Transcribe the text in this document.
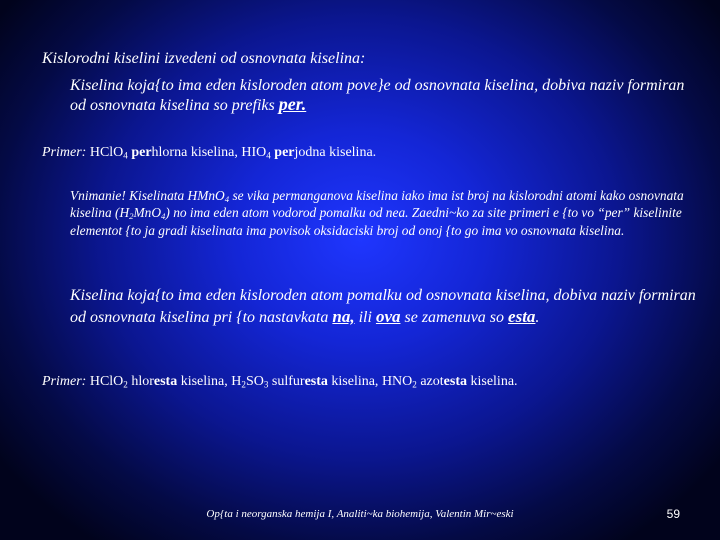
Kislorodni kiselini izvedeni od osnovnata kiselina:
Kiselina koja{to ima eden kisloroden atom pove}e od osnovnata kiselina, dobiva naziv formiran od osnovnata kiselina so prefiks per.
Primer: HClO$_4$ perhlorna kiselina, $HIO_4$ perjodna kiselina.
Vnimanie! Kiselinata HMnO$_4$ se vika permanganova kiselina iako ima ist broj na kislorodni atomi kako osnovnata kiselina $(H_2MnO_4)$ no ima eden atom vodorod pomalku od nea. Zaedni~ko za site primeri e {to vo “per” kiselinite elementot {to ja gradi kiselinata ima povisok oksidaciski broj od onoj {to go ima vo osnovnata kiselina.
Kiselina koja{to ima eden kisloroden atom pomalku od osnovnata kiselina, dobiva naziv formiran od osnovnata kiselina pri {to nastavkata na, ili ova se zamenuva so esta.
Primer: HClO$_2$ hloresta kiselina, $H_2SO_3$ sulfuresta kiselina, $HNO_2$ azotesta kiselina.
Op{ta i neorganska hemija I, Analiti~ka biohemija, Valentin Mir~eski	59
